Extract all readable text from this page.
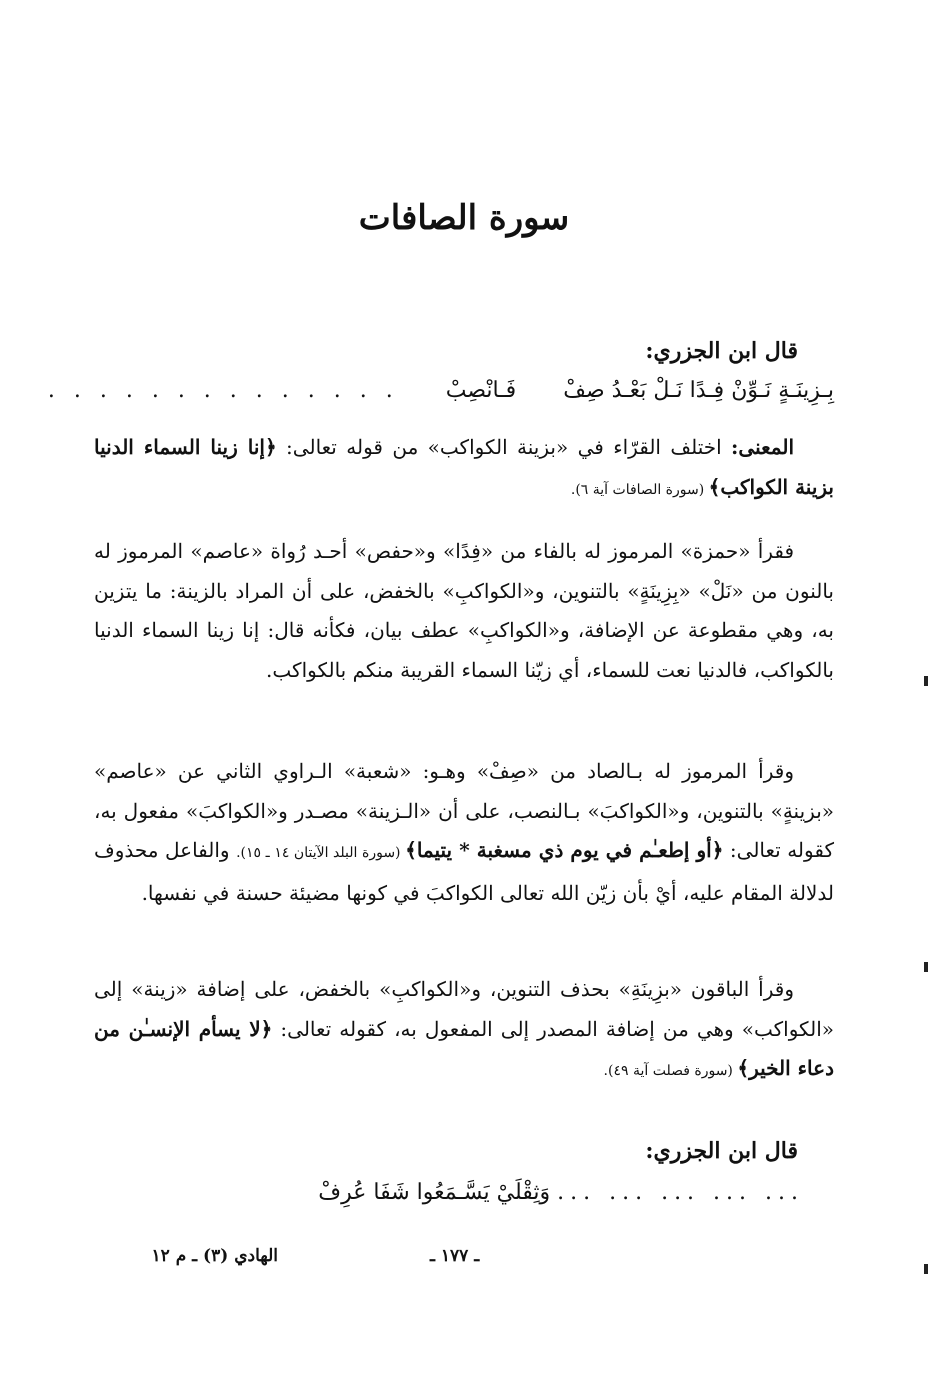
سورة الصافات

قال ابن الجزري:

بِـزِينَـةٍ نَـوِّنْ فِـدًا نَـلْ بَعْـدُ صِفْ فَـانْصِبْ . . . . . . . . . . . . . .

المعنى: اختلف القرّاء في «بزينة الكواكب» من قوله تعالى: ﴿إنا زينا السماء الدنيا بزينة الكواكب﴾ (سورة الصافات آية ٦).

فقرأ «حمزة» المرموز له بالفاء من «فِدًا» و«حفص» أحـد رُواة «عاصم» المرموز له بالنون من «نَلْ» «بِزِينَةٍ» بالتنوين، و«الكواكبِ» بالخفض، على أن المراد بالزينة: ما يتزين به، وهي مقطوعة عن الإضافة، و«الكواكبِ» عطف بيان، فكأنه قال: إنا زينا السماء الدنيا بالكواكب، فالدنيا نعت للسماء، أي زيّنا السماء القريبة منكم بالكواكب.

وقرأ المرموز له بـالصاد من «صِفْ» وهـو: «شعبة» الـراوي الثاني عن «عاصم» «بزينةٍ» بالتنوين، و«الكواكبَ» بـالنصب، على أن «الـزينة» مصـدر و«الكواكبَ» مفعول به، كقوله تعالى: ﴿أو إطعـٰم في يوم ذي مسغبة * يتيما﴾ (سورة البلد الآيتان ١٤ ـ ١٥). والفاعل محذوف لدلالة المقام عليه، أيْ بأن زيّن الله تعالى الكواكبَ في كونها مضيئة حسنة في نفسها.

وقرأ الباقون «بزِينَةِ» بحذف التنوين، و«الكواكبِ» بالخفض، على إضافة «زينة» إلى «الكواكب» وهي من إضافة المصدر إلى المفعول به، كقوله تعالى: ﴿لا يسأم الإنسـٰن من دعاء الخير﴾ (سورة فصلت آية ٤٩).

قال ابن الجزري:

... ... ... ... ... وَثِقْلَيْ يَسَّـمَعُوا شَفَا عُرِفْ

ـ ١٧٧ ـ

الهادي (٣) ـ م ١٢
